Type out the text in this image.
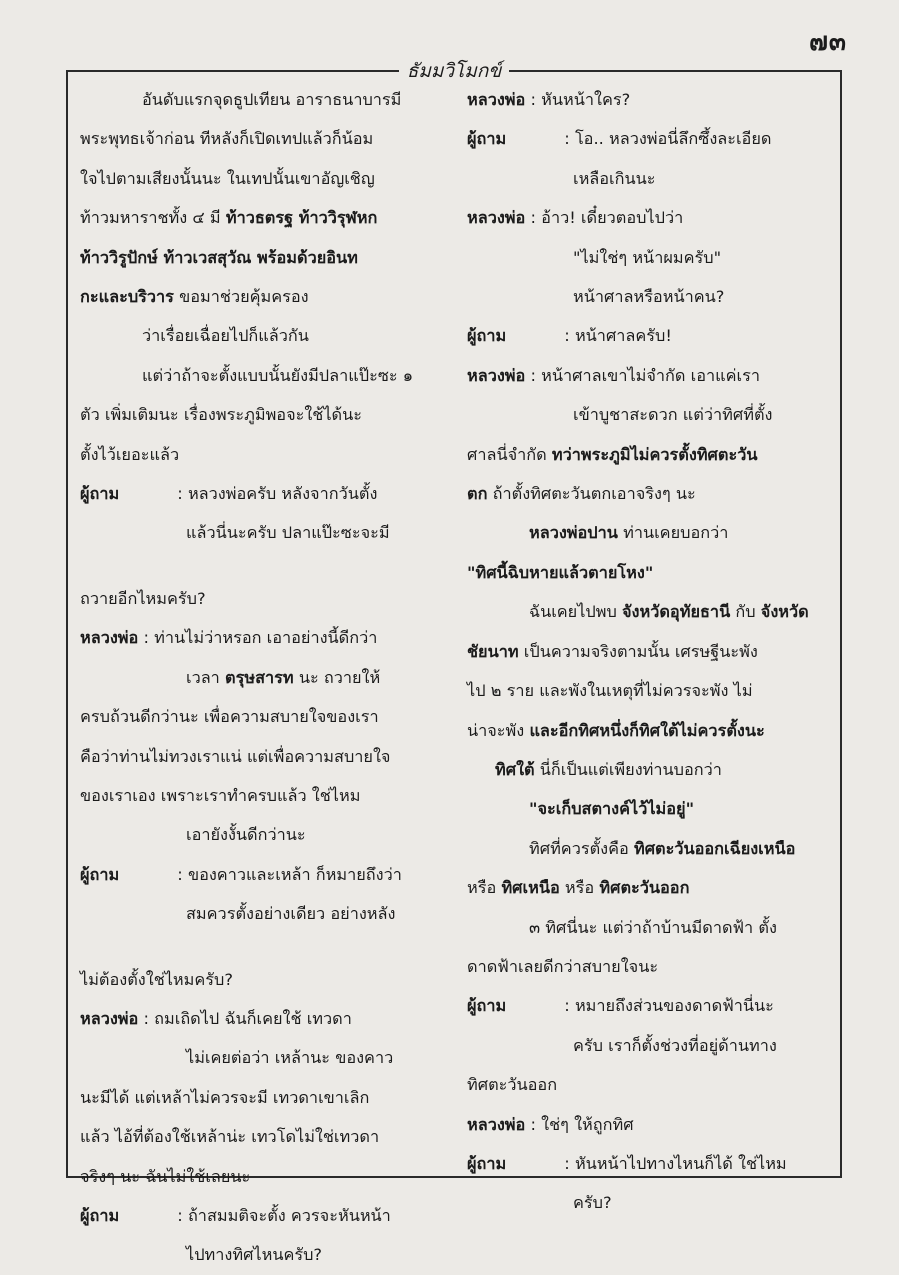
๗๓
ธัมมวิโมกข์

อันดับแรกจุดธูปเทียน อาราธนาบารมี

พระพุทธเจ้าก่อน ทีหลังก็เปิดเทปแล้วก็น้อม

ใจไปตามเสียงนั้นนะ ในเทปนั้นเขาอัญเชิญ

ท้าวมหาราชทั้ง ๔ มี ท้าวธตรฐ ท้าววิรุฬหก

ท้าววิรูปักษ์ ท้าวเวสสุวัณ พร้อมด้วยอินท

กะและบริวาร ขอมาช่วยคุ้มครอง

ว่าเรื่อยเฉื่อยไปก็แล้วกัน

แต่ว่าถ้าจะตั้งแบบนั้นยังมีปลาแป๊ะซะ ๑

ตัว เพิ่มเติมนะ เรื่องพระภูมิพอจะใช้ได้นะ

ตั้งไว้เยอะแล้ว

ผู้ถาม	: หลวงพ่อครับ หลังจากวันตั้ง

แล้วนี่นะครับ ปลาแป๊ะซะจะมี

ถวายอีกไหมครับ?

หลวงพ่อ : ท่านไม่ว่าหรอก เอาอย่างนี้ดีกว่า

เวลา ตรุษสารท นะ ถวายให้

ครบถ้วนดีกว่านะ เพื่อความสบายใจของเรา

คือว่าท่านไม่ทวงเราแน่ แต่เพื่อความสบายใจ

ของเราเอง เพราะเราทำครบแล้ว ใช่ไหม

เอายังงั้นดีกว่านะ

ผู้ถาม	: ของคาวและเหล้า ก็หมายถึงว่า

สมควรตั้งอย่างเดียว อย่างหลัง

ไม่ต้องตั้งใช่ไหมครับ?

หลวงพ่อ : ถมเถิดไป ฉันก็เคยใช้ เทวดา

ไม่เคยต่อว่า เหล้านะ ของคาว

นะมีได้ แต่เหล้าไม่ควรจะมี เทวดาเขาเลิก

แล้ว ไอ้ที่ต้องใช้เหล้าน่ะ เทวโดไม่ใช่เทวดา

จริงๆ นะ ฉันไม่ใช้เลยนะ

ผู้ถาม	: ถ้าสมมติจะตั้ง ควรจะหันหน้า

ไปทางทิศไหนครับ?

หลวงพ่อ : หันหน้าใคร?

ผู้ถาม	: โอ.. หลวงพ่อนี่ลึกซึ้งละเอียด

เหลือเกินนะ

หลวงพ่อ : อ้าว! เดี๋ยวตอบไปว่า

"ไม่ใช่ๆ หน้าผมครับ"

หน้าศาลหรือหน้าคน?

ผู้ถาม	: หน้าศาลครับ!

หลวงพ่อ : หน้าศาลเขาไม่จำกัด เอาแค่เรา

เข้าบูชาสะดวก แต่ว่าทิศที่ตั้ง

ศาลนี่จำกัด ทว่าพระภูมิไม่ควรตั้งทิศตะวัน

ตก ถ้าตั้งทิศตะวันตกเอาจริงๆ นะ

หลวงพ่อปาน ท่านเคยบอกว่า

"ทิศนี้ฉิบหายแล้วตายโหง"

ฉันเคยไปพบ จังหวัดอุทัยธานี กับ จังหวัด

ชัยนาท เป็นความจริงตามนั้น เศรษฐีนะพัง

ไป ๒ ราย และพังในเหตุที่ไม่ควรจะพัง ไม่

น่าจะพัง และอีกทิศหนึ่งก็ทิศใต้ไม่ควรตั้งนะ

ทิศใต้ นี่ก็เป็นแต่เพียงท่านบอกว่า

"จะเก็บสตางค์ไว้ไม่อยู่"

ทิศที่ควรตั้งคือ ทิศตะวันออกเฉียงเหนือ

หรือ ทิศเหนือ หรือ ทิศตะวันออก

๓ ทิศนี่นะ แต่ว่าถ้าบ้านมีดาดฟ้า ตั้ง

ดาดฟ้าเลยดีกว่าสบายใจนะ

ผู้ถาม	: หมายถึงส่วนของดาดฟ้านี่นะ

ครับ เราก็ตั้งช่วงที่อยู่ด้านทาง

ทิศตะวันออก

หลวงพ่อ : ใช่ๆ ให้ถูกทิศ

ผู้ถาม	: หันหน้าไปทางไหนก็ได้ ใช่ไหม

ครับ?
